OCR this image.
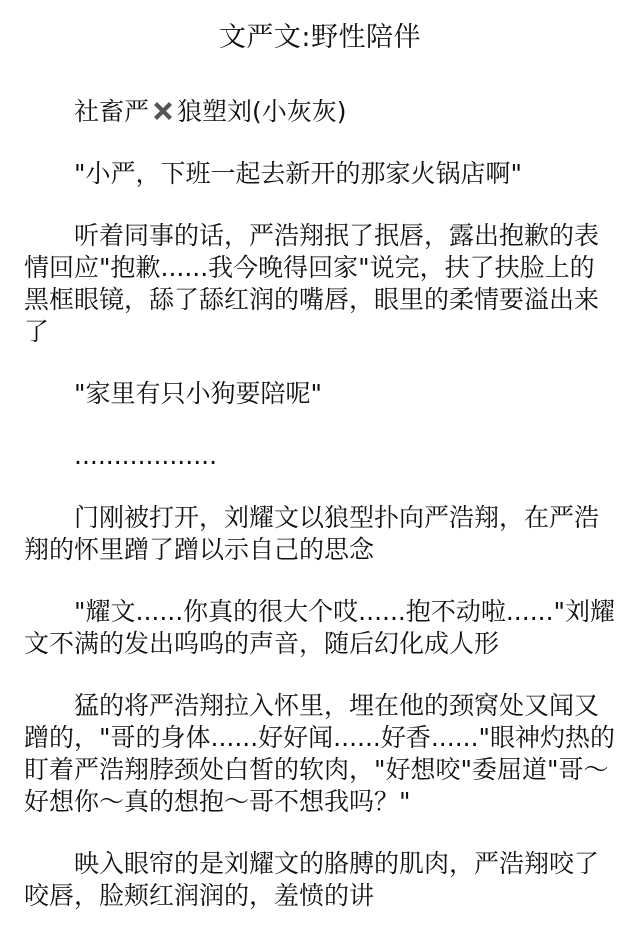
文严文:野性陪伴

社畜严 狼塑刘(小灰灰)

"小严，下班一起去新开的那家火锅店啊"

听着同事的话，严浩翔抿了抿唇，露出抱歉的表情回应"抱歉......我今晚得回家"说完，扶了扶脸上的黑框眼镜，舔了舔红润的嘴唇，眼里的柔情要溢出来了

"家里有只小狗要陪呢"

..................

门刚被打开，刘耀文以狼型扑向严浩翔，在严浩翔的怀里蹭了蹭以示自己的思念

"耀文......你真的很大个哎......抱不动啦......"刘耀文不满的发出呜呜的声音，随后幻化成人形

猛的将严浩翔拉入怀里，埋在他的颈窝处又闻又蹭的，"哥的身体......好好闻......好香......"眼神灼热的盯着严浩翔脖颈处白皙的软肉，"好想咬"委屈道"哥～好想你～真的想抱～哥不想我吗？"

映入眼帘的是刘耀文的胳膊的肌肉，严浩翔咬了咬唇，脸颊红润润的，羞愤的讲
